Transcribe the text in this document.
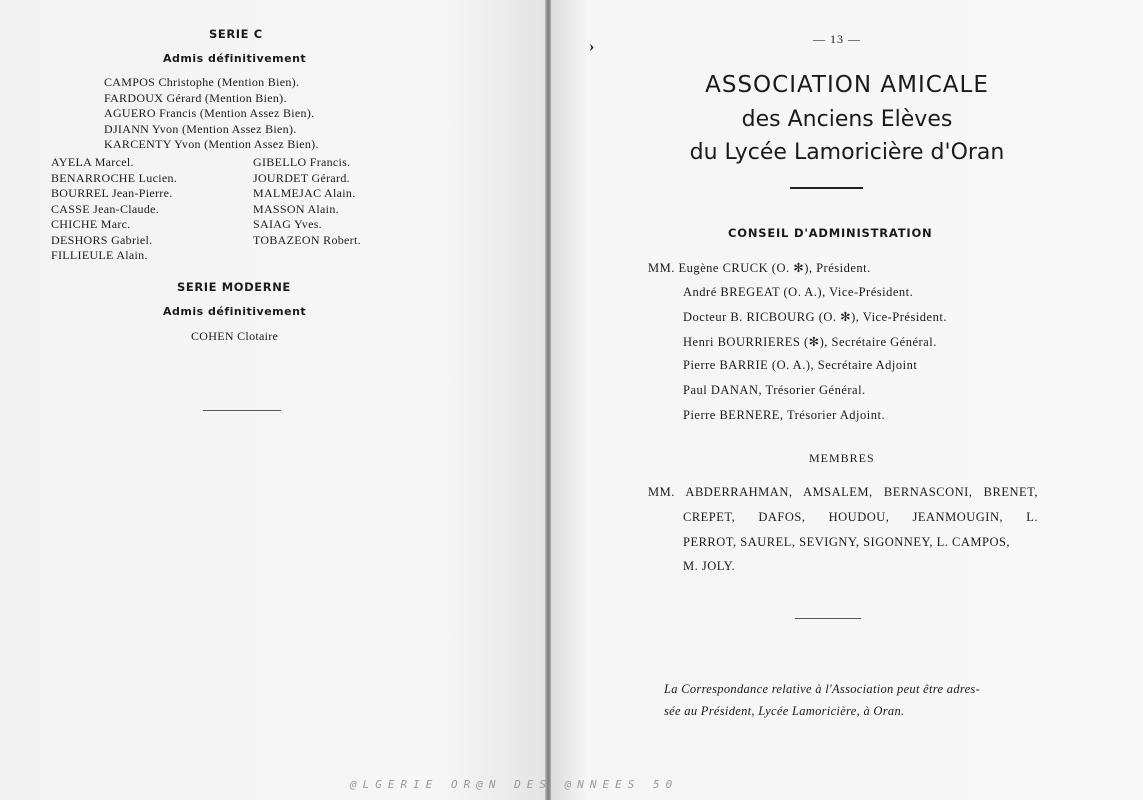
SERIE C
Admis définitivement
CAMPOS Christophe (Mention Bien).
FARDOUX Gérard (Mention Bien).
AGUERO Francis (Mention Assez Bien).
DJIANN Yvon (Mention Assez Bien).
KARCENTY Yvon (Mention Assez Bien).
AYELA Marcel.
BENARROCHE Lucien.
BOURREL Jean-Pierre.
CASSE Jean-Claude.
CHICHE Marc.
DESHORS Gabriel.
FILLIEULE Alain.
GIBELLO Francis.
JOURDET Gérard.
MALMEJAC Alain.
MASSON Alain.
SAIAG Yves.
TOBAZEON Robert.
SERIE MODERNE
Admis définitivement
COHEN Clotaire
›	— 13 —
ASSOCIATION AMICALE
des Anciens Elèves
du Lycée Lamoricière d'Oran
CONSEIL D'ADMINISTRATION
MM. Eugène CRUCK (O. ✻), Président.
André BREGEAT (O. A.), Vice-Président.
Docteur B. RICBOURG (O. ✻), Vice-Président.
Henri BOURRIERES (✻), Secrétaire Général.
Pierre BARRIE (O. A.), Secrétaire Adjoint
Paul DANAN, Trésorier Général.
Pierre BERNERE, Trésorier Adjoint.
MEMBRES
MM. ABDERRAHMAN, AMSALEM, BERNASCONI, BRENET,
CREPET, DAFOS, HOUDOU, JEANMOUGIN, L.
PERROT, SAUREL, SEVIGNY, SIGONNEY, L. CAMPOS,
M. JOLY.
La Correspondance relative à l'Association peut être adres-
sée au Président, Lycée Lamoricière, à Oran.
@LGERIE OR@N DES @NNEES 50
